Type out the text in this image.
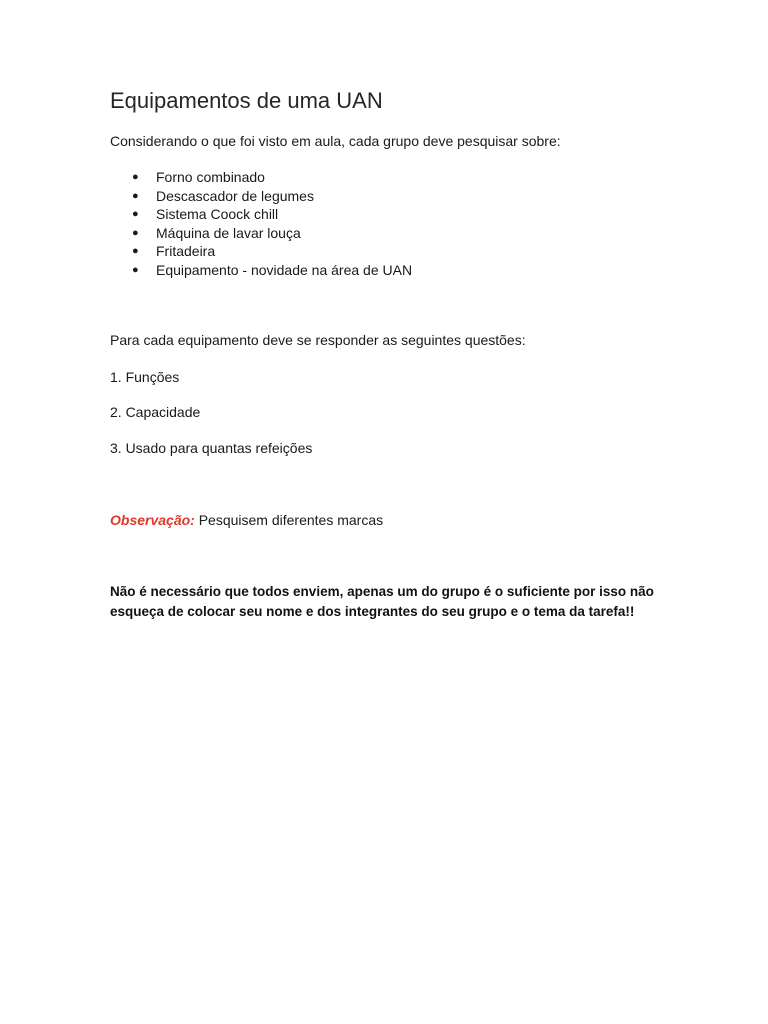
Equipamentos de uma UAN

Considerando o que foi visto em aula, cada grupo deve pesquisar sobre:

● Forno combinado
● Descascador de legumes
● Sistema Coock chill
● Máquina de lavar louça
● Fritadeira
● Equipamento - novidade na área de UAN

Para cada equipamento deve se responder as seguintes questões:

1. Funções

2. Capacidade

3. Usado para quantas refeições

Observação: Pesquisem diferentes marcas

Não é necessário que todos enviem, apenas um do grupo é o suficiente por isso não esqueça de colocar seu nome e dos integrantes do seu grupo e o tema da tarefa!!
